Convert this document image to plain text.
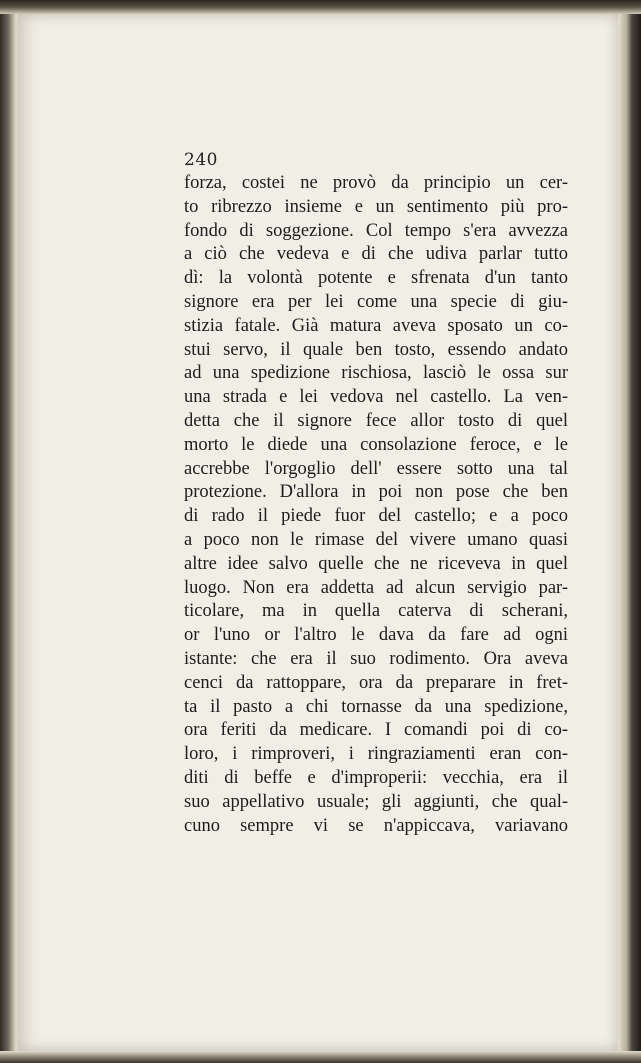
240
forza, costei ne provò da principio un cer-
to ribrezzo insieme e un sentimento più pro-
fondo di soggezione. Col tempo s'era avvezza
a ciò che vedeva e di che udiva parlar tutto
dì: la volontà potente e sfrenata d'un tanto
signore era per lei come una specie di giu-
stizia fatale. Già matura aveva sposato un co-
stui servo, il quale ben tosto, essendo andato
ad una spedizione rischiosa, lasciò le ossa sur
una strada e lei vedova nel castello. La ven-
detta che il signore fece allor tosto di quel
morto le diede una consolazione feroce, e le
accrebbe l'orgoglio dell' essere sotto una tal
protezione. D'allora in poi non pose che ben
di rado il piede fuor del castello; e a poco
a poco non le rimase del vivere umano quasi
altre idee salvo quelle che ne riceveva in quel
luogo. Non era addetta ad alcun servigio par-
ticolare, ma in quella caterva di scherani,
or l'uno or l'altro le dava da fare ad ogni
istante: che era il suo rodimento. Ora aveva
cenci da rattoppare, ora da preparare in fret-
ta il pasto a chi tornasse da una spedizione,
ora feriti da medicare. I comandi poi di co-
loro, i rimproveri, i ringraziamenti eran con-
diti di beffe e d'improperii: vecchia, era il
suo appellativo usuale; gli aggiunti, che qual-
cuno sempre vi se n'appiccava, variavano
